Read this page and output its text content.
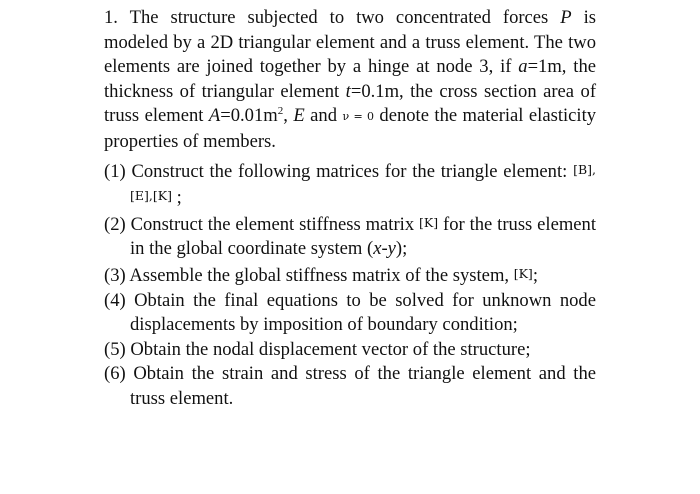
1. The structure subjected to two concentrated forces P is modeled by a 2D triangular element and a truss element. The two elements are joined together by a hinge at node 3, if a=1m, the thickness of triangular element t=0.1m, the cross section area of truss element $A=0.01m^2$, E and ν = 0 denote the material elasticity properties of members.

(1) Construct the following matrices for the triangle element: [B],[E],[K] ;

(2) Construct the element stiffness matrix [K] for the truss element in the global coordinate system (x-y);

(3) Assemble the global stiffness matrix of the system, [K];

(4) Obtain the final equations to be solved for unknown node displacements by imposition of boundary condition;

(5) Obtain the nodal displacement vector of the structure;

(6) Obtain the strain and stress of the triangle element and the truss element.
